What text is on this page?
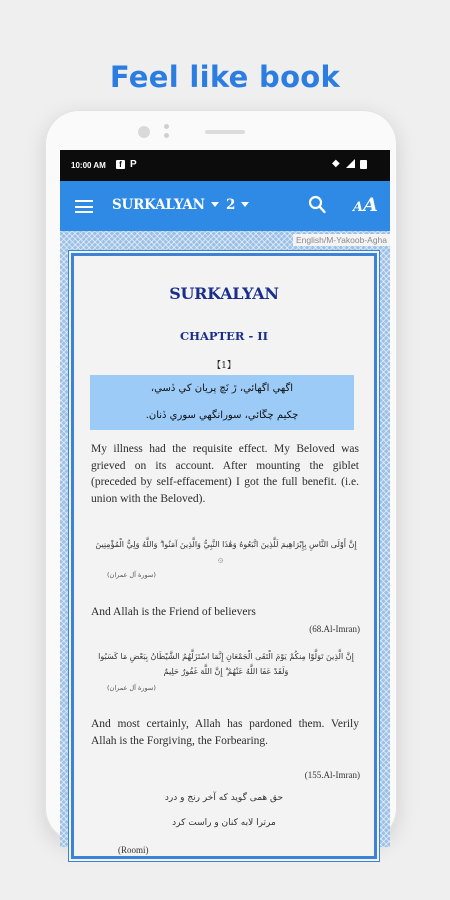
Feel like book
10:00 AM	f P	◆
SURKALYAN	2	AA
English/M-Yakoob-Agha
SURKALYAN
CHAPTER - II
【1】
اگهي اگهائي، ڙ نَچ پريان کي ڏسي،
چکيم چڱائي، سورانگهي سوري ڏنان.
My illness had the requisite effect. My Beloved was grieved on its account. After mounting the giblet (preceded by self-effacement) I got the full benefit. (i.e. union with the Beloved).
إِنَّ أَوْلَى النَّاسِ بِإِبْرَاهِيمَ لَلَّذِينَ اتَّبَعُوهُ وَهَٰذَا النَّبِيُّ وَالَّذِينَ آمَنُوا ۗ وَاللَّهُ وَلِيُّ الْمُؤْمِنِينَ
۞
(سورة آل عمران)
And Allah is the Friend of believers
(68.Al-Imran)
إِنَّ الَّذِينَ تَوَلَّوْا مِنكُمْ يَوْمَ الْتَقَى الْجَمْعَانِ إِنَّمَا اسْتَزَلَّهُمُ الشَّيْطَانُ بِبَعْضِ مَا كَسَبُوا
وَلَقَدْ عَفَا اللَّهُ عَنْهُمْ ۗ إِنَّ اللَّهَ غَفُورٌ حَلِيمٌ
(سورة آل عمران)
And most certainly, Allah has pardoned them. Verily Allah is the Forgiving, the Forbearing.
(155.Al-Imran)
حق همی گوید که آخر رنج و درد
مرترا لابه کنان و راست کرد
(Roomi)
